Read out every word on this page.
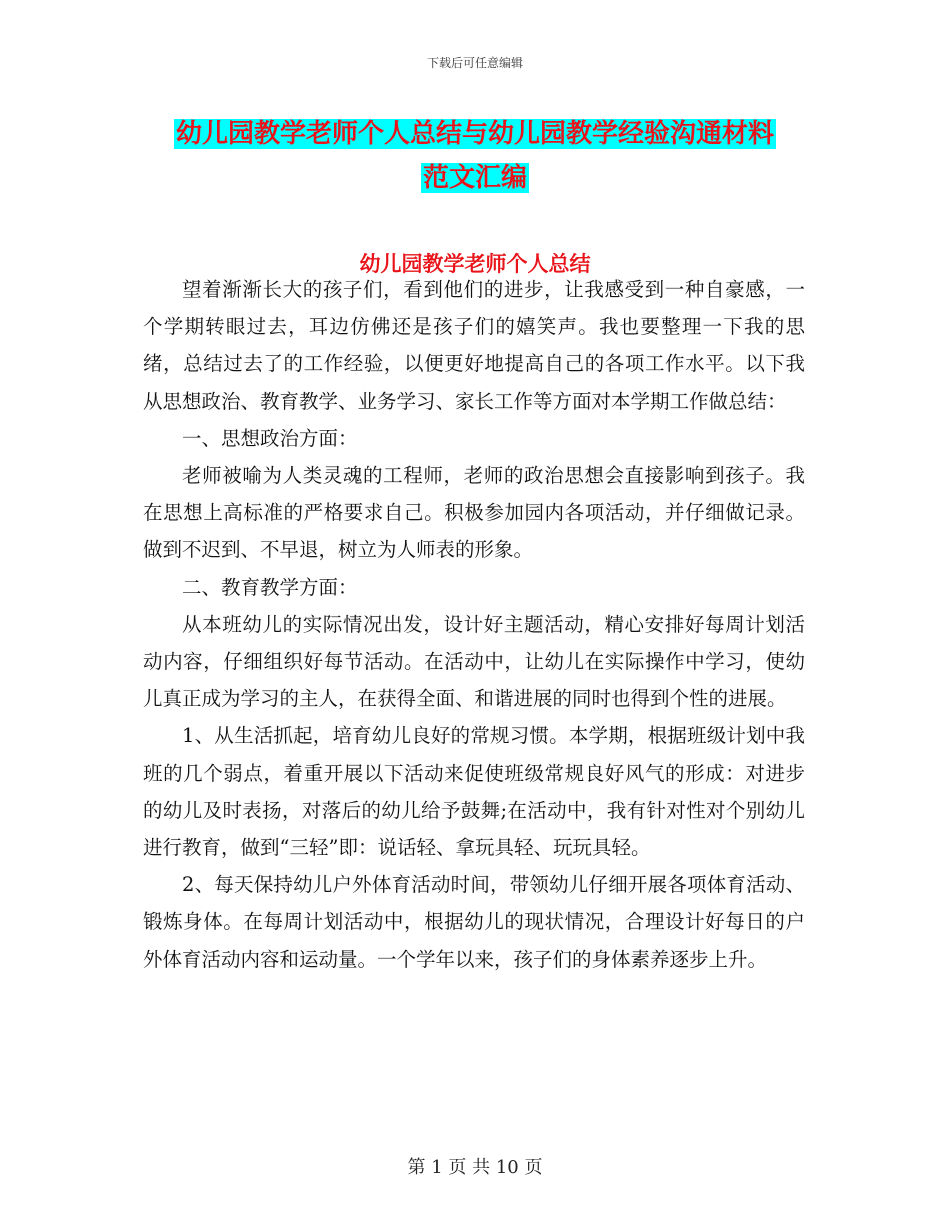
下载后可任意编辑
幼儿园教学老师个人总结与幼儿园教学经验沟通材料
范文汇编
幼儿园教学老师个人总结

望着渐渐长大的孩子们，看到他们的进步，让我感受到一种自豪感，一个学期转眼过去，耳边仿佛还是孩子们的嬉笑声。我也要整理一下我的思绪，总结过去了的工作经验，以便更好地提高自己的各项工作水平。以下我从思想政治、教育教学、业务学习、家长工作等方面对本学期工作做总结：

一、思想政治方面：

老师被喻为人类灵魂的工程师，老师的政治思想会直接影响到孩子。我在思想上高标准的严格要求自己。积极参加园内各项活动，并仔细做记录。做到不迟到、不早退，树立为人师表的形象。

二、教育教学方面：

从本班幼儿的实际情况出发，设计好主题活动，精心安排好每周计划活动内容，仔细组织好每节活动。在活动中，让幼儿在实际操作中学习，使幼儿真正成为学习的主人，在获得全面、和谐进展的同时也得到个性的进展。

1、从生活抓起，培育幼儿良好的常规习惯。本学期，根据班级计划中我班的几个弱点，着重开展以下活动来促使班级常规良好风气的形成：对进步的幼儿及时表扬，对落后的幼儿给予鼓舞;在活动中，我有针对性对个别幼儿进行教育，做到“三轻”即：说话轻、拿玩具轻、玩玩具轻。

2、每天保持幼儿户外体育活动时间，带领幼儿仔细开展各项体育活动、锻炼身体。在每周计划活动中，根据幼儿的现状情况，合理设计好每日的户外体育活动内容和运动量。一个学年以来，孩子们的身体素养逐步上升。

第 1 页 共 10 页
